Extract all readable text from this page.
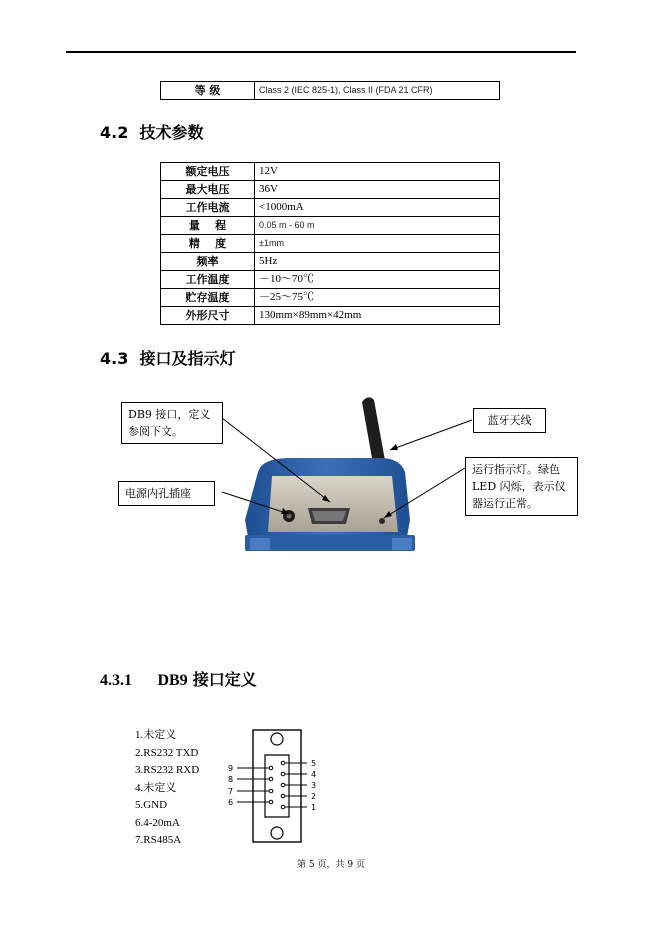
等 级	Class 2 (IEC 825-1), Class II (FDA 21 CFR)
4.2 技术参数
额定电压	12V
最大电压	36V
工作电流	<1000mA
量    程	0.05 m - 60 m
精    度	±1mm
频率	5Hz
工作温度	－10～70℃
贮存温度	－25～75℃
外形尺寸	130mm×89mm×42mm
4.3 接口及指示灯
DB9 接口，定义参阅下文。
电源内孔插座
蓝牙天线
运行指示灯。绿色 LED 闪烁，表示仪器运行正常。
4.3.1 DB9 接口定义
1.未定义
2.RS232 TXD
3.RS232 RXD
4.未定义
5.GND
6.4-20mA
7.RS485A
5
4
3
2
1
9
8
7
6
第 5 页，共 9 页
